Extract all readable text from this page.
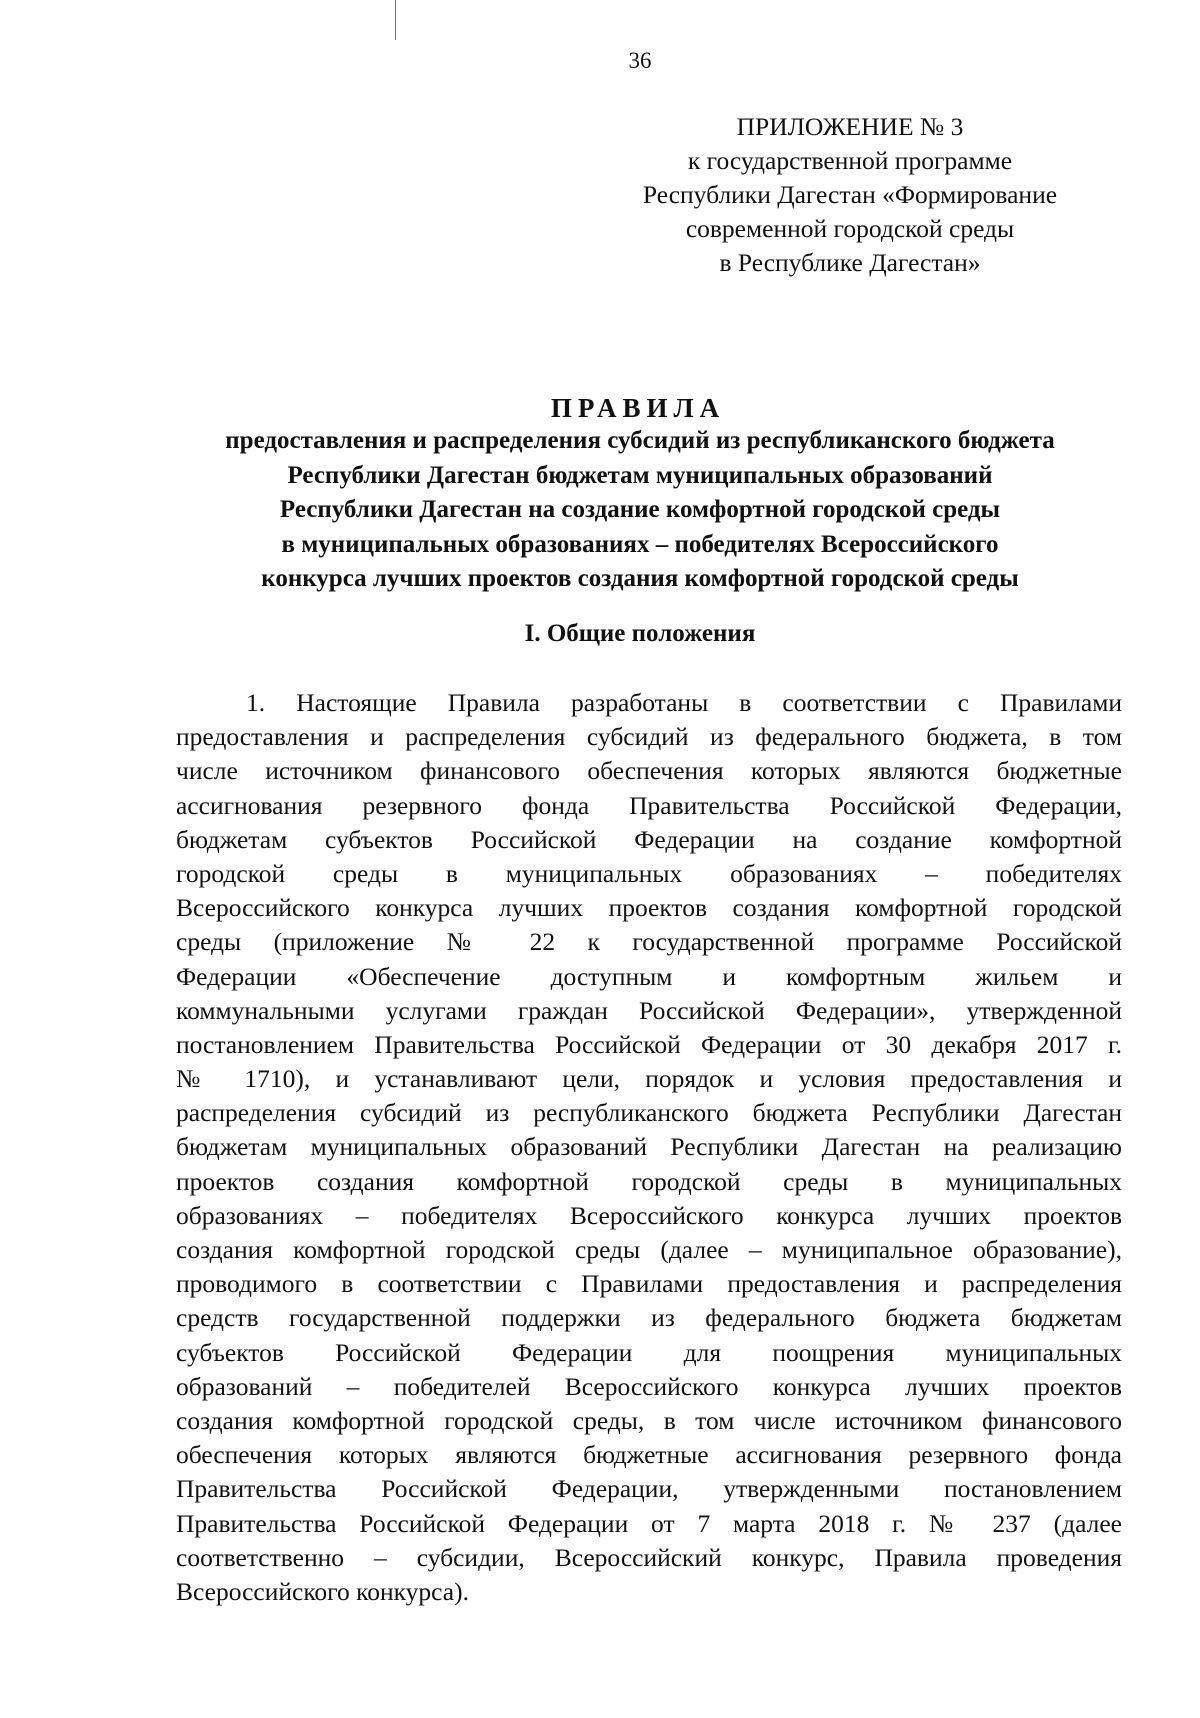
36
ПРИЛОЖЕНИЕ № 3
к государственной программе
Республики Дагестан «Формирование
современной городской среды
в Республике Дагестан»
ПРАВИЛА
предоставления и распределения субсидий из республиканского бюджета
Республики Дагестан бюджетам муниципальных образований
Республики Дагестан на создание комфортной городской среды
в муниципальных образованиях – победителях Всероссийского
конкурса лучших проектов создания комфортной городской среды
I. Общие положения
1. Настоящие Правила разработаны в соответствии с Правилами
предоставления и распределения субсидий из федерального бюджета, в том
числе источником финансового обеспечения которых являются бюджетные
ассигнования резервного фонда Правительства Российской Федерации,
бюджетам субъектов Российской Федерации на создание комфортной
городской среды в муниципальных образованиях – победителях
Всероссийского конкурса лучших проектов создания комфортной городской
среды (приложение № 22 к государственной программе Российской
Федерации «Обеспечение доступным и комфортным жильем и
коммунальными услугами граждан Российской Федерации», утвержденной
постановлением Правительства Российской Федерации от 30 декабря 2017 г.
№ 1710), и устанавливают цели, порядок и условия предоставления и
распределения субсидий из республиканского бюджета Республики Дагестан
бюджетам муниципальных образований Республики Дагестан на реализацию
проектов создания комфортной городской среды в муниципальных
образованиях – победителях Всероссийского конкурса лучших проектов
создания комфортной городской среды (далее – муниципальное образование),
проводимого в соответствии с Правилами предоставления и распределения
средств государственной поддержки из федерального бюджета бюджетам
субъектов Российской Федерации для поощрения муниципальных
образований – победителей Всероссийского конкурса лучших проектов
создания комфортной городской среды, в том числе источником финансового
обеспечения которых являются бюджетные ассигнования резервного фонда
Правительства Российской Федерации, утвержденными постановлением
Правительства Российской Федерации от 7 марта 2018 г. № 237 (далее
соответственно – субсидии, Всероссийский конкурс, Правила проведения
Всероссийского конкурса).
